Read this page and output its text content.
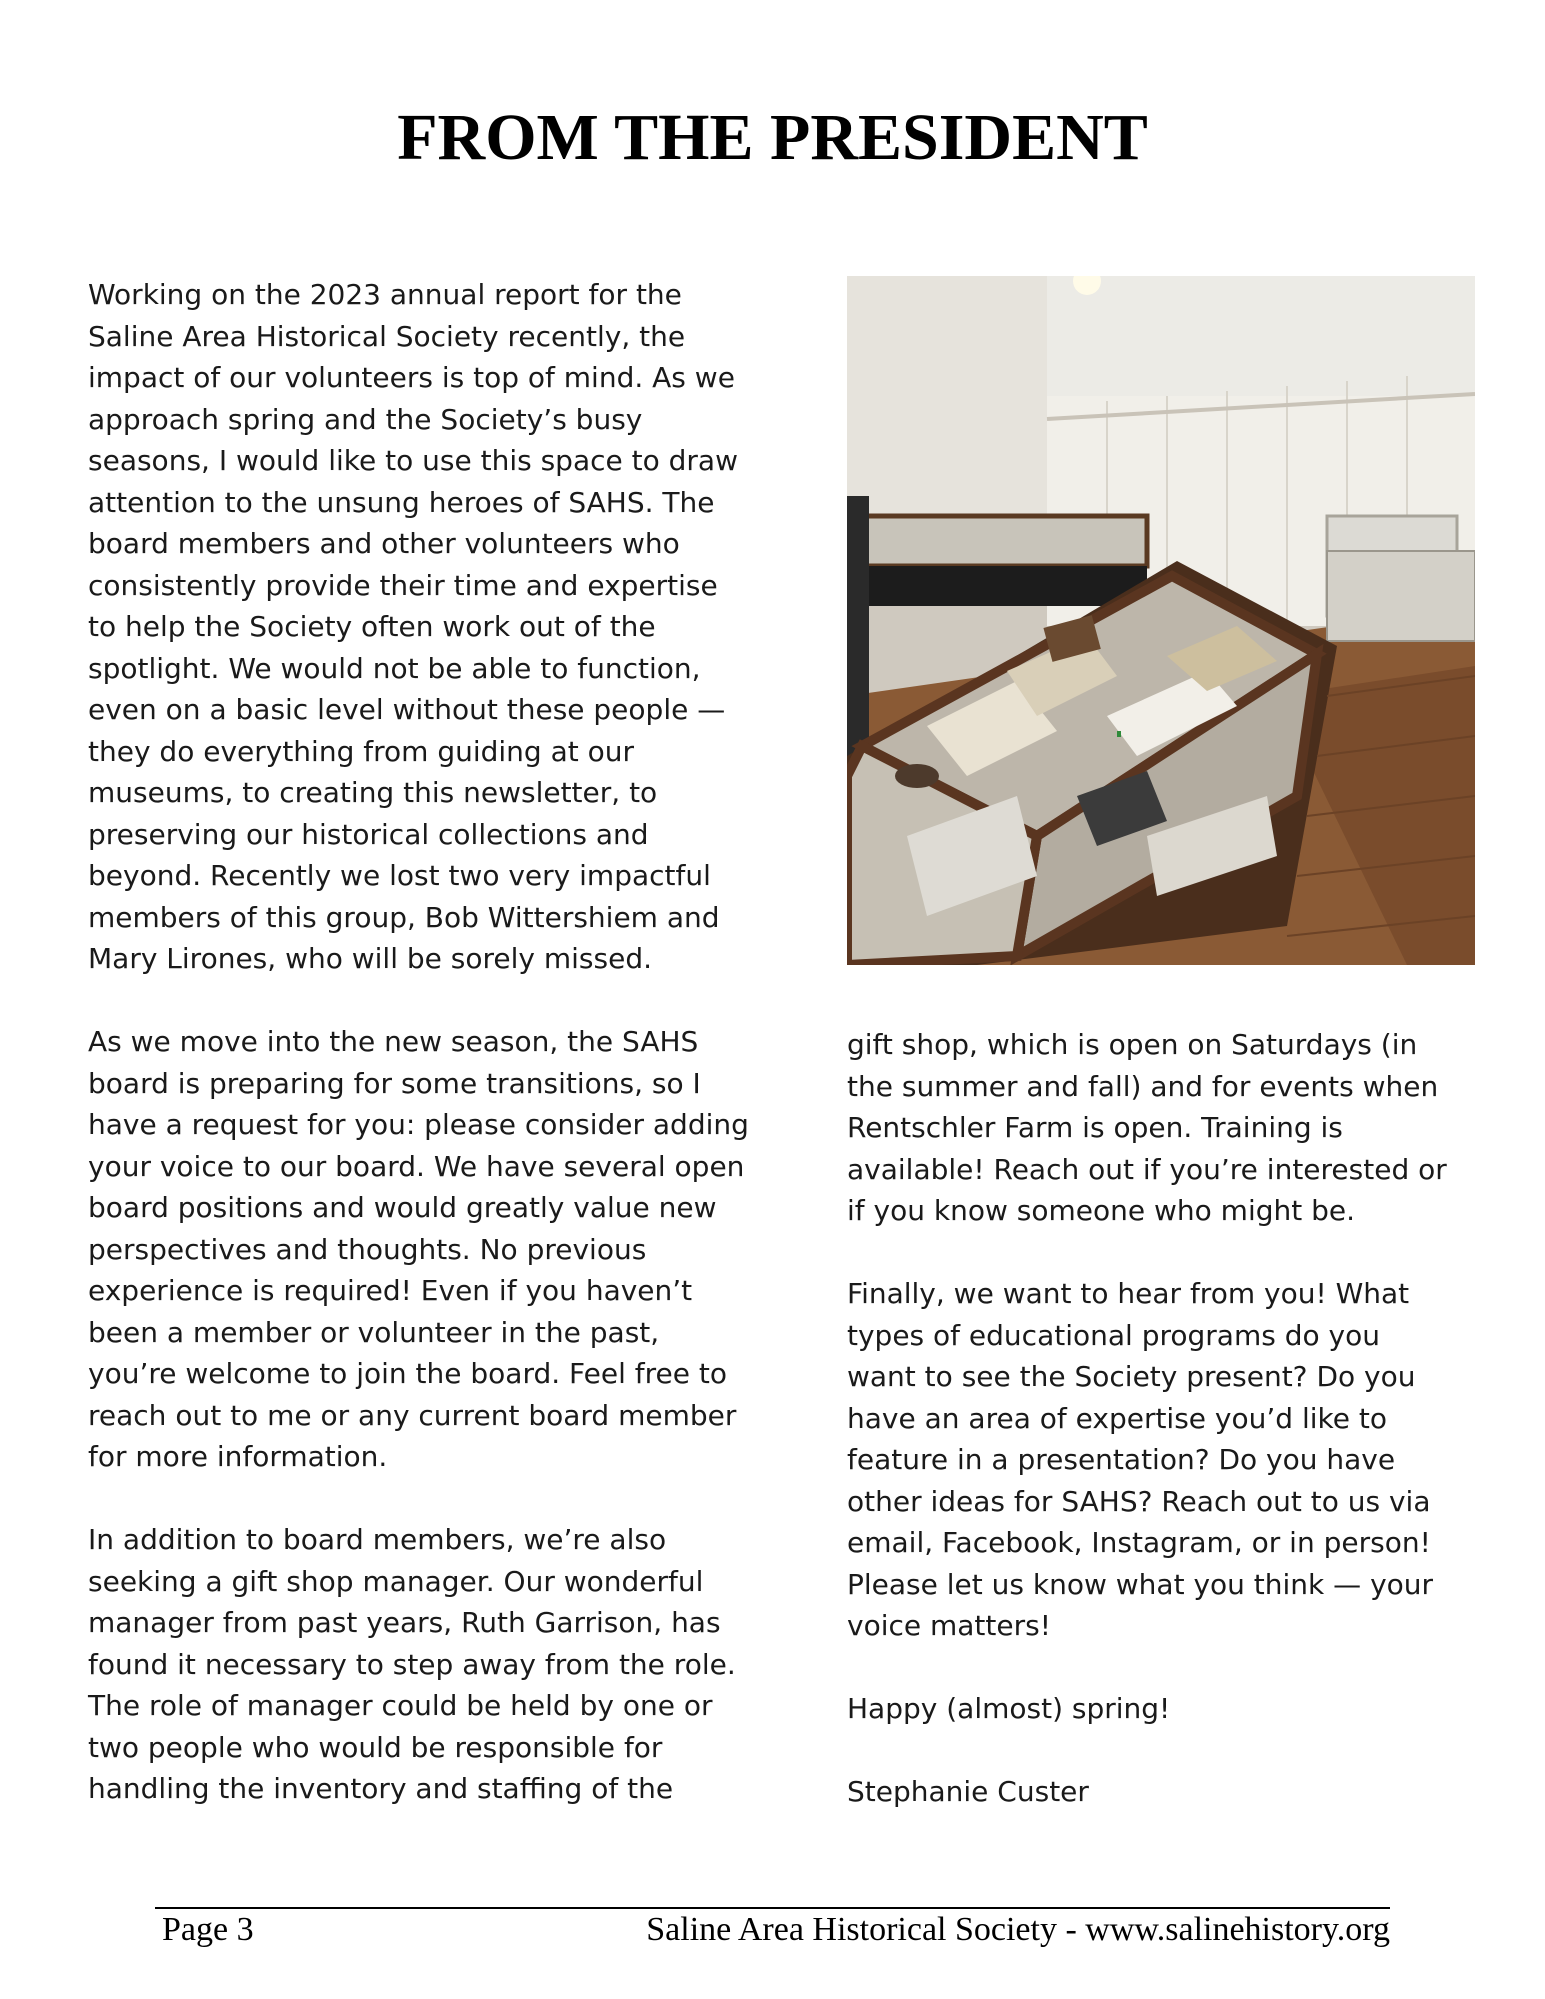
FROM THE PRESIDENT

Working on the 2023 annual report for the
Saline Area Historical Society recently, the
impact of our volunteers is top of mind. As we
approach spring and the Society’s busy
seasons, I would like to use this space to draw
attention to the unsung heroes of SAHS. The
board members and other volunteers who
consistently provide their time and expertise
to help the Society often work out of the
spotlight. We would not be able to function,
even on a basic level without these people —
they do everything from guiding at our
museums, to creating this newsletter, to
preserving our historical collections and
beyond. Recently we lost two very impactful
members of this group, Bob Wittershiem and
Mary Lirones, who will be sorely missed.

As we move into the new season, the SAHS
board is preparing for some transitions, so I
have a request for you: please consider adding
your voice to our board. We have several open
board positions and would greatly value new
perspectives and thoughts. No previous
experience is required! Even if you haven’t
been a member or volunteer in the past,
you’re welcome to join the board. Feel free to
reach out to me or any current board member
for more information.

In addition to board members, we’re also
seeking a gift shop manager. Our wonderful
manager from past years, Ruth Garrison, has
found it necessary to step away from the role.
The role of manager could be held by one or
two people who would be responsible for
handling the inventory and staffing of the

gift shop, which is open on Saturdays (in
the summer and fall) and for events when
Rentschler Farm is open. Training is
available! Reach out if you’re interested or
if you know someone who might be.

Finally, we want to hear from you! What
types of educational programs do you
want to see the Society present? Do you
have an area of expertise you’d like to
feature in a presentation? Do you have
other ideas for SAHS? Reach out to us via
email, Facebook, Instagram, or in person!
Please let us know what you think — your
voice matters!

Happy (almost) spring!

Stephanie Custer

Page 3	Saline Area Historical Society - www.salinehistory.org
